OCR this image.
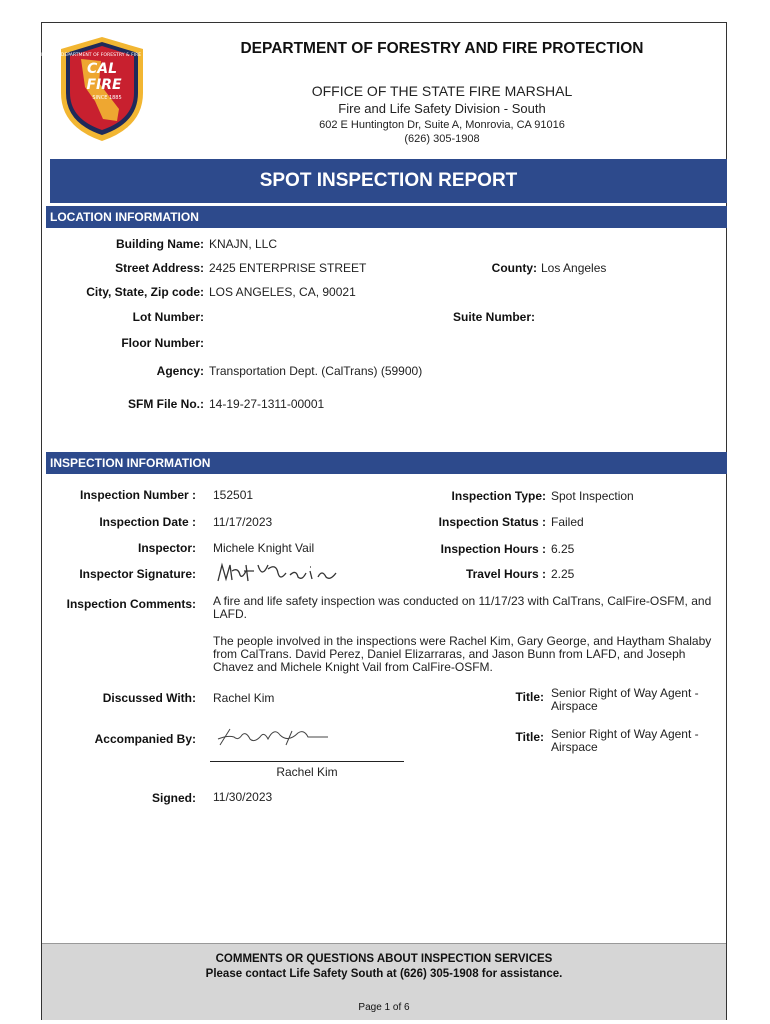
CALIFORNIA DEPARTMENT OF FORESTRY & FIRE PROTECTION
CAL
FIRE
SINCE 1885
DEPARTMENT OF FORESTRY AND FIRE PROTECTION
OFFICE OF THE STATE FIRE MARSHAL
Fire and Life Safety Division - South
602 E Huntington Dr, Suite A, Monrovia, CA 91016
(626) 305-1908
SPOT INSPECTION REPORT
LOCATION INFORMATION
Building Name: KNAJN, LLC
Street Address: 2425 ENTERPRISE STREET	County: Los Angeles
City, State, Zip code: LOS ANGELES, CA, 90021
Lot Number:	Suite Number:
Floor Number:
Agency: Transportation Dept. (CalTrans) (59900)
SFM File No.: 14-19-27-1311-00001
INSPECTION INFORMATION
Inspection Number : 152501	Inspection Type: Spot Inspection
Inspection Date : 11/17/2023	Inspection Status : Failed
Inspector: Michele Knight Vail	Inspection Hours : 6.25
Inspector Signature:	Travel Hours : 2.25
Inspection Comments: A fire and life safety inspection was conducted on 11/17/23 with CalTrans, CalFire-OSFM, and LAFD.
The people involved in the inspections were Rachel Kim, Gary George, and Haytham Shalaby from CalTrans. David Perez, Daniel Elizarraras, and Jason Bunn from LAFD, and Joseph Chavez and Michele Knight Vail from CalFire-OSFM.
Discussed With: Rachel Kim	Title: Senior Right of Way Agent - Airspace
Accompanied By:	Title: Senior Right of Way Agent - Airspace
Rachel Kim
Signed: 11/30/2023
COMMENTS OR QUESTIONS ABOUT INSPECTION SERVICES
Please contact Life Safety South at (626) 305-1908 for assistance.
Page 1 of 6
